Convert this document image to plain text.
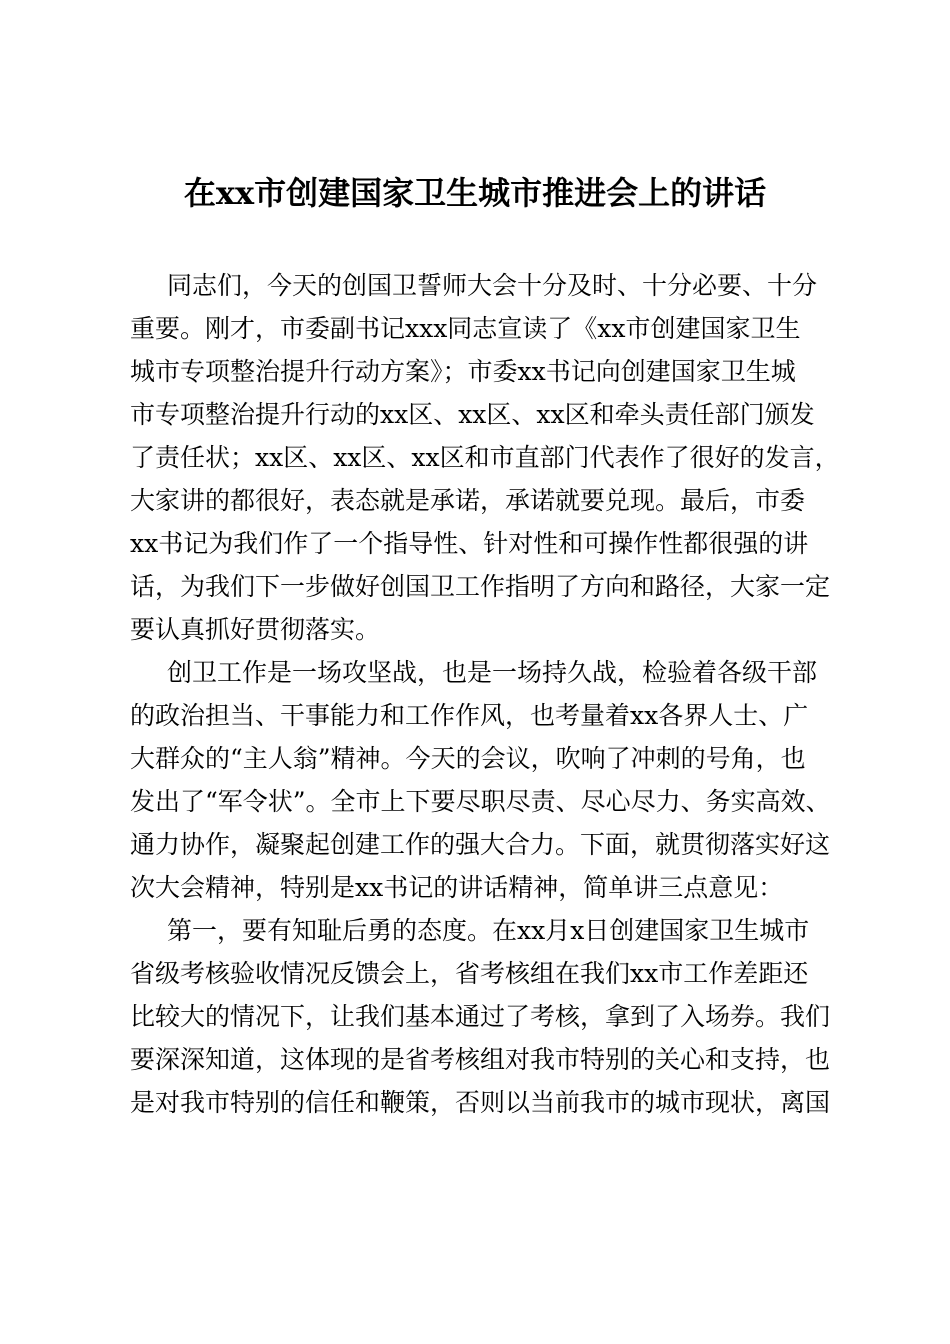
在xx市创建国家卫生城市推进会上的讲话
同志们，今天的创国卫誓师大会十分及时、十分必要、十分
重要。刚才，市委副书记xxx同志宣读了《xx市创建国家卫生
城市专项整治提升行动方案》；市委xx书记向创建国家卫生城
市专项整治提升行动的xx区、xx区、xx区和牵头责任部门颁发
了责任状；xx区、xx区、xx区和市直部门代表作了很好的发言，
大家讲的都很好，表态就是承诺，承诺就要兑现。最后，市委
xx书记为我们作了一个指导性、针对性和可操作性都很强的讲
话，为我们下一步做好创国卫工作指明了方向和路径，大家一定
要认真抓好贯彻落实。
创卫工作是一场攻坚战，也是一场持久战，检验着各级干部
的政治担当、干事能力和工作作风，也考量着xx各界人士、广
大群众的“主人翁”精神。今天的会议，吹响了冲刺的号角，也
发出了“军令状”。全市上下要尽职尽责、尽心尽力、务实高效、
通力协作，凝聚起创建工作的强大合力。下面，就贯彻落实好这
次大会精神，特别是xx书记的讲话精神，简单讲三点意见：
第一，要有知耻后勇的态度。在xx月x日创建国家卫生城市
省级考核验收情况反馈会上，省考核组在我们xx市工作差距还
比较大的情况下，让我们基本通过了考核，拿到了入场券。我们
要深深知道，这体现的是省考核组对我市特别的关心和支持，也
是对我市特别的信任和鞭策，否则以当前我市的城市现状，离国
